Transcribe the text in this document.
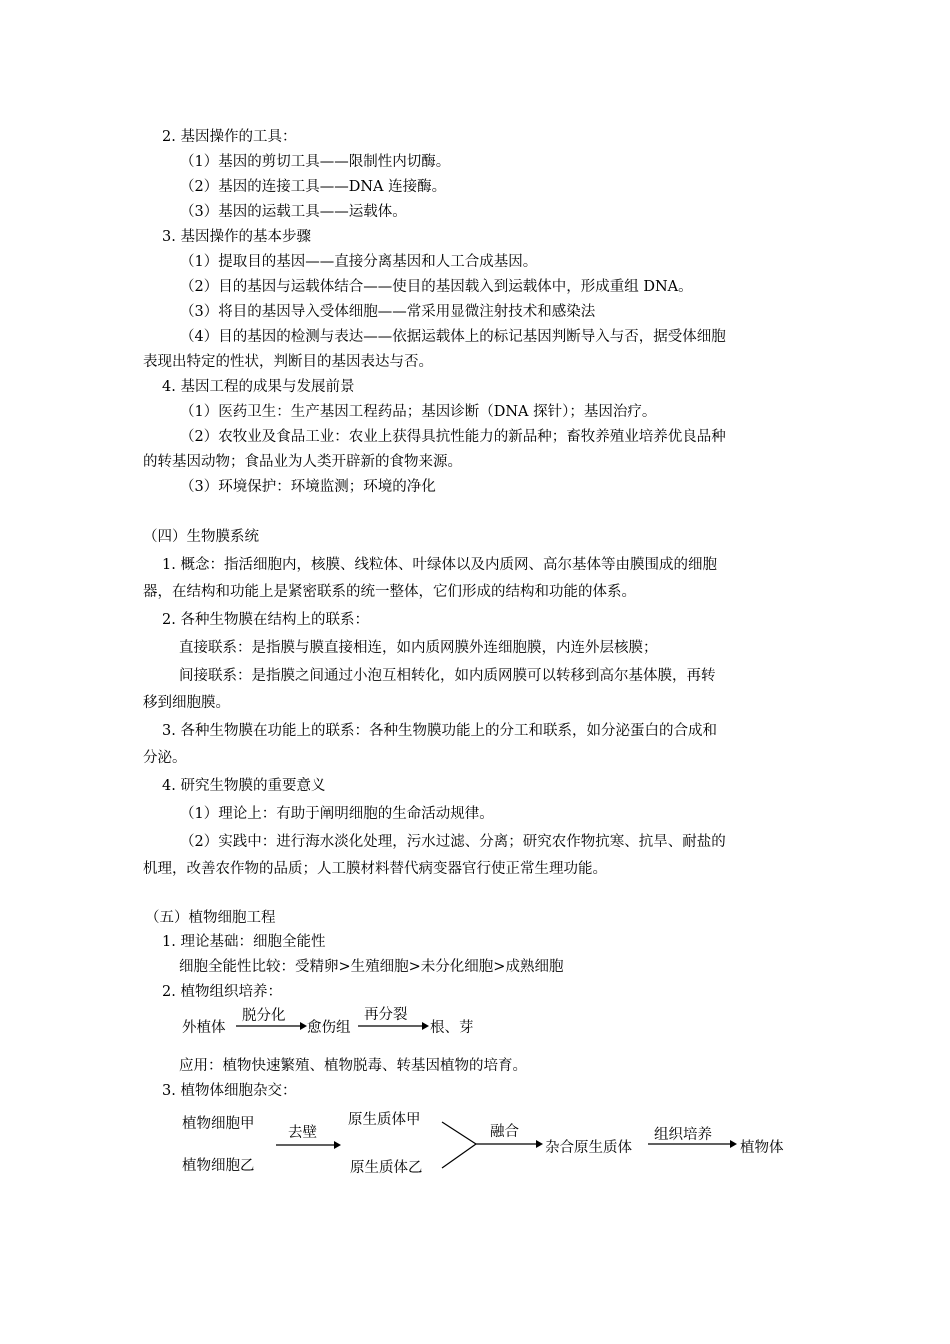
2. 基因操作的工具：
（1）基因的剪切工具——限制性内切酶。
（2）基因的连接工具——DNA 连接酶。
（3）基因的运载工具——运载体。
3. 基因操作的基本步骤
（1）提取目的基因——直接分离基因和人工合成基因。
（2）目的基因与运载体结合——使目的基因载入到运载体中，形成重组 DNA。
（3）将目的基因导入受体细胞——常采用显微注射技术和感染法
（4）目的基因的检测与表达——依据运载体上的标记基因判断导入与否，据受体细胞
表现出特定的性状，判断目的基因表达与否。
4. 基因工程的成果与发展前景
（1）医药卫生：生产基因工程药品；基因诊断（DNA 探针）；基因治疗。
（2）农牧业及食品工业：农业上获得具抗性能力的新品种；畜牧养殖业培养优良品种
的转基因动物；食品业为人类开辟新的食物来源。
（3）环境保护：环境监测；环境的净化
（四）生物膜系统
1. 概念：指活细胞内，核膜、线粒体、叶绿体以及内质网、高尔基体等由膜围成的细胞
器，在结构和功能上是紧密联系的统一整体，它们形成的结构和功能的体系。
2. 各种生物膜在结构上的联系：
直接联系：是指膜与膜直接相连，如内质网膜外连细胞膜，内连外层核膜；
间接联系：是指膜之间通过小泡互相转化，如内质网膜可以转移到高尔基体膜，再转
移到细胞膜。
3. 各种生物膜在功能上的联系：各种生物膜功能上的分工和联系，如分泌蛋白的合成和
分泌。
4. 研究生物膜的重要意义
（1）理论上：有助于阐明细胞的生命活动规律。
（2）实践中：进行海水淡化处理，污水过滤、分离；研究农作物抗寒、抗旱、耐盐的
机理，改善农作物的品质；人工膜材料替代病变器官行使正常生理功能。
（五）植物细胞工程
1. 理论基础：细胞全能性
细胞全能性比较：受精卵>生殖细胞>未分化细胞>成熟细胞
2. 植物组织培养：
外植体
脱分化
愈伤组
再分裂
根、芽
应用：植物快速繁殖、植物脱毒、转基因植物的培育。
3. 植物体细胞杂交：
植物细胞甲
植物细胞乙
去壁
原生质体甲
原生质体乙
融合
杂合原生质体
组织培养
植物体
